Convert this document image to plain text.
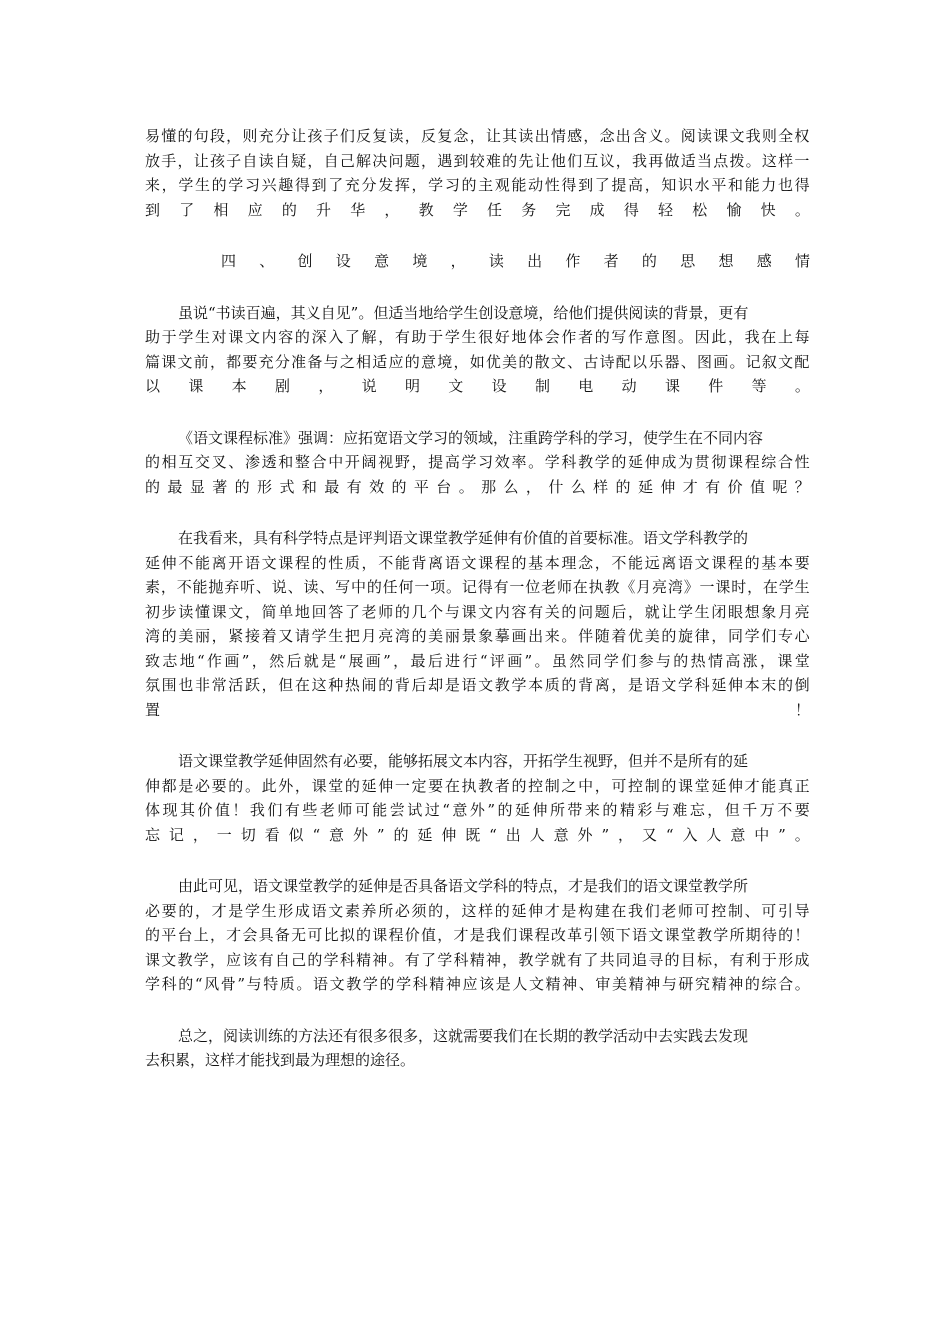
易懂的句段，则充分让孩子们反复读，反复念，让其读出情感，念出含义。阅读课文我则全权
放手，让孩子自读自疑，自己解决问题，遇到较难的先让他们互议，我再做适当点拨。这样一
来，学生的学习兴趣得到了充分发挥，学习的主观能动性得到了提高，知识水平和能力也得
到了相应的升华，教学任务完成得轻松愉快。
四、创设意境，读出作者的思想感情
虽说“书读百遍，其义自见”。但适当地给学生创设意境，给他们提供阅读的背景，更有
助于学生对课文内容的深入了解，有助于学生很好地体会作者的写作意图。因此，我在上每
篇课文前，都要充分准备与之相适应的意境，如优美的散文、古诗配以乐器、图画。记叙文配
以课本剧，说明文设制电动课件等。
《语文课程标准》强调：应拓宽语文学习的领域，注重跨学科的学习，使学生在不同内容
的相互交叉、渗透和整合中开阔视野，提高学习效率。学科教学的延伸成为贯彻课程综合性
的最显著的形式和最有效的平台。那么，什么样的延伸才有价值呢？
在我看来，具有科学特点是评判语文课堂教学延伸有价值的首要标准。语文学科教学的
延伸不能离开语文课程的性质，不能背离语文课程的基本理念，不能远离语文课程的基本要
素，不能抛弃听、说、读、写中的任何一项。记得有一位老师在执教《月亮湾》一课时，在学生
初步读懂课文，简单地回答了老师的几个与课文内容有关的问题后，就让学生闭眼想象月亮
湾的美丽，紧接着又请学生把月亮湾的美丽景象摹画出来。伴随着优美的旋律，同学们专心
致志地“作画”，然后就是“展画”，最后进行“评画”。虽然同学们参与的热情高涨，课堂
氛围也非常活跃，但在这种热闹的背后却是语文教学本质的背离，是语文学科延伸本末的倒
置！
语文课堂教学延伸固然有必要，能够拓展文本内容，开拓学生视野，但并不是所有的延
伸都是必要的。此外，课堂的延伸一定要在执教者的控制之中，可控制的课堂延伸才能真正
体现其价值！我们有些老师可能尝试过“意外”的延伸所带来的精彩与难忘，但千万不要
忘记，一切看似“意外”的延伸既“出人意外”，又“入人意中”。
由此可见，语文课堂教学的延伸是否具备语文学科的特点，才是我们的语文课堂教学所
必要的，才是学生形成语文素养所必须的，这样的延伸才是构建在我们老师可控制、可引导
的平台上，才会具备无可比拟的课程价值，才是我们课程改革引领下语文课堂教学所期待的！
课文教学，应该有自己的学科精神。有了学科精神，教学就有了共同追寻的目标，有利于形成
学科的“风骨”与特质。语文教学的学科精神应该是人文精神、审美精神与研究精神的综合。
总之，阅读训练的方法还有很多很多，这就需要我们在长期的教学活动中去实践去发现
去积累，这样才能找到最为理想的途径。
